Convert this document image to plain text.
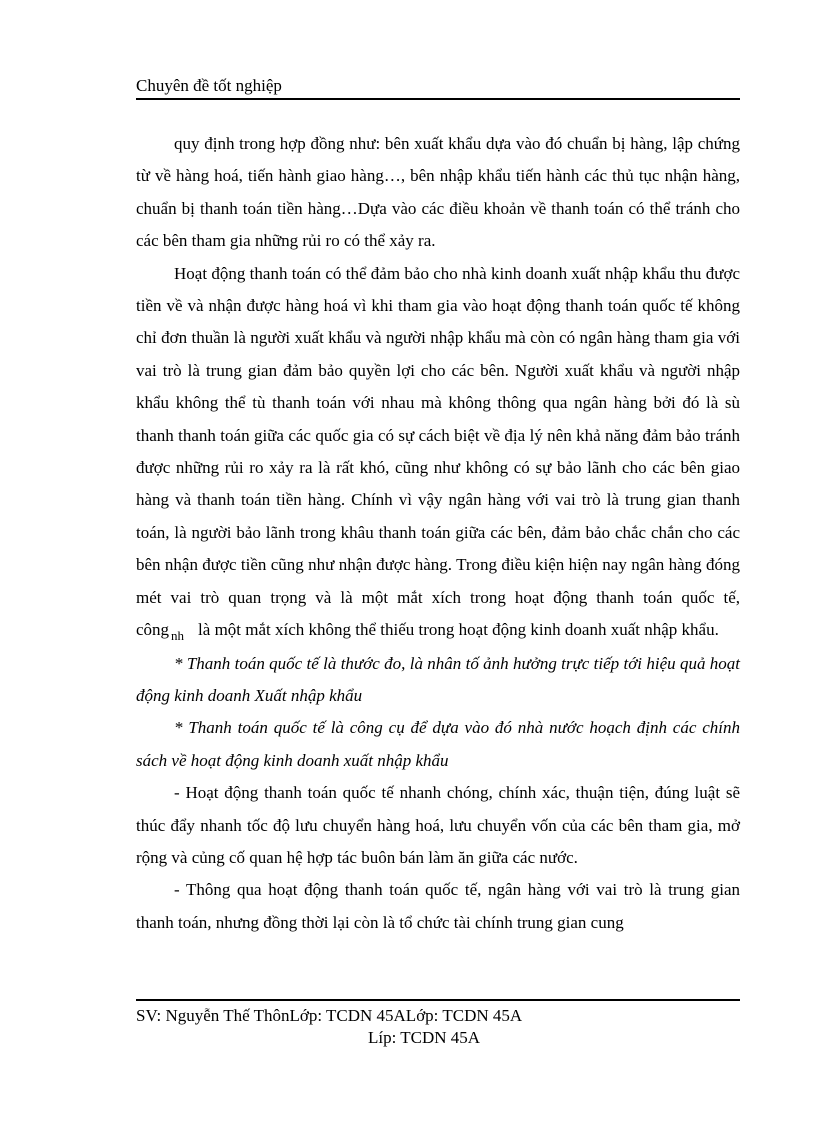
Chuyên đề tốt nghiệp

quy định trong hợp đồng như: bên xuất khẩu dựa vào đó chuẩn bị hàng, lập chứng từ về hàng hoá, tiến hành giao hàng…, bên nhập khẩu tiến hành các thủ tục nhận hàng, chuẩn bị thanh toán tiền hàng…Dựa vào các điều khoản về thanh toán có thể tránh cho các bên tham gia những rủi ro có thể xảy ra.

Hoạt động thanh toán có thể đảm bảo cho nhà kinh doanh xuất nhập khẩu thu được tiền về và nhận được hàng hoá vì khi tham gia vào hoạt động thanh toán quốc tế không chỉ đơn thuần là người xuất khẩu và người nhập khẩu mà còn có ngân hàng tham gia với vai trò là trung gian đảm bảo quyền lợi cho các bên. Người xuất khẩu và người nhập khẩu không thể tù thanh toán với nhau mà không thông qua ngân hàng bởi đó là sù thanh thanh toán giữa các quốc gia có sự cách biệt về địa lý nên khả năng đảm bảo tránh được những rủi ro xảy ra là rất khó, cũng như không có sự bảo lãnh cho các bên giao hàng và thanh toán tiền hàng. Chính vì vậy ngân hàng với vai trò là trung gian thanh toán, là người bảo lãnh trong khâu thanh toán giữa các bên, đảm bảo chắc chắn cho các bên nhận được tiền cũng như nhận được hàng. Trong điều kiện hiện nay ngân hàng đóng mét vai trò quan trọng và là một mắt xích trong hoạt động thanh toán quốc tế, công $_{nh}$ là một mắt xích không thể thiếu trong hoạt động kinh doanh xuất nhập khẩu.

* Thanh toán quốc tế là thước đo, là nhân tố ảnh hưởng trực tiếp tới hiệu quả hoạt động kinh doanh Xuất nhập khẩu

* Thanh toán quốc tế là công cụ để dựa vào đó nhà nước hoạch định các chính sách về hoạt động kinh doanh xuất nhập khẩu

- Hoạt động thanh toán quốc tế nhanh chóng, chính xác, thuận tiện, đúng luật sẽ thúc đẩy nhanh tốc độ lưu chuyển hàng hoá, lưu chuyển vốn của các bên tham gia, mở rộng và củng cố quan hệ hợp tác buôn bán làm ăn giữa các nước.

- Thông qua hoạt động thanh toán quốc tế, ngân hàng với vai trò là trung gian thanh toán, nhưng đồng thời lại còn là tổ chức tài chính trung gian cung

SV: Nguyễn Thế ThônLớp: TCDN 45ALớp: TCDN 45A
Líp: TCDN 45A
